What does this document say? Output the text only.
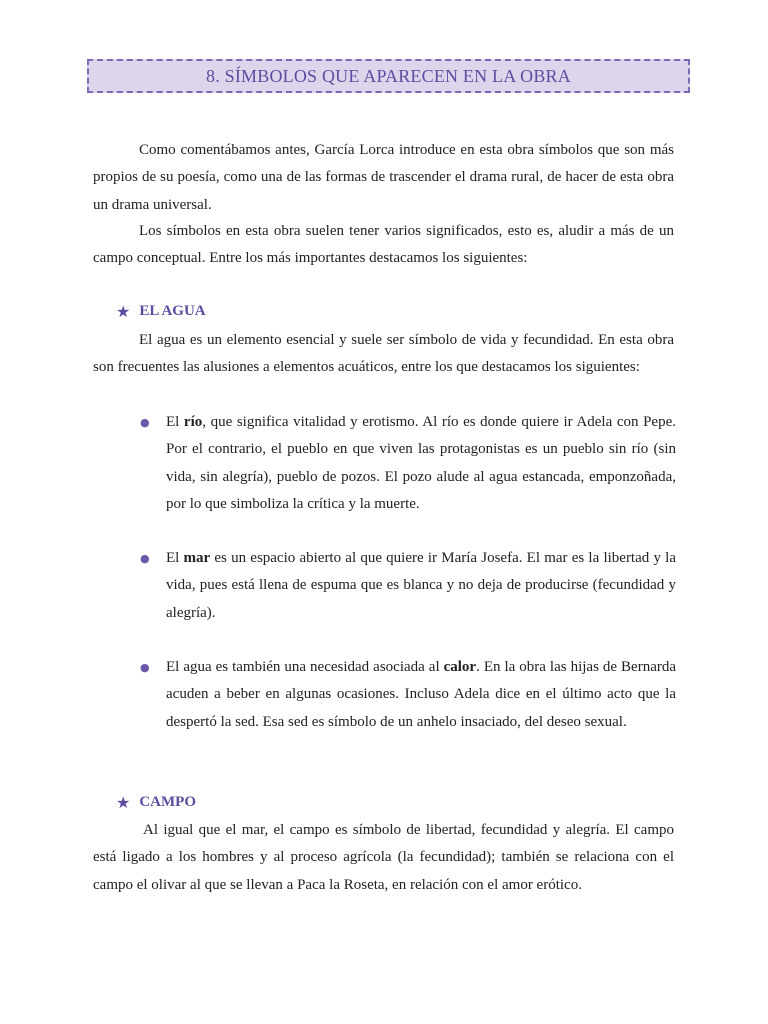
8. SÍMBOLOS QUE APARECEN EN LA OBRA
Como comentábamos antes, García Lorca introduce en esta obra símbolos que son más propios de su poesía, como una de las formas de trascender el drama rural, de hacer de esta obra un drama universal.
Los símbolos en esta obra suelen tener varios significados, esto es, aludir a más de un campo conceptual. Entre los más importantes destacamos los siguientes:
★ EL AGUA
El agua es un elemento esencial y suele ser símbolo de vida y fecundidad. En esta obra son frecuentes las alusiones a elementos acuáticos, entre los que destacamos los siguientes:
● El río, que significa vitalidad y erotismo. Al río es donde quiere ir Adela con Pepe. Por el contrario, el pueblo en que viven las protagonistas es un pueblo sin río (sin vida, sin alegría), pueblo de pozos. El pozo alude al agua estancada, emponzoñada, por lo que simboliza la crítica y la muerte.
● El mar es un espacio abierto al que quiere ir María Josefa. El mar es la libertad y la vida, pues está llena de espuma que es blanca y no deja de producirse (fecundidad y alegría).
● El agua es también una necesidad asociada al calor. En la obra las hijas de Bernarda acuden a beber en algunas ocasiones. Incluso Adela dice en el último acto que la despertó la sed. Esa sed es símbolo de un anhelo insaciado, del deseo sexual.
★ CAMPO
Al igual que el mar, el campo es símbolo de libertad, fecundidad y alegría. El campo está ligado a los hombres y al proceso agrícola (la fecundidad); también se relaciona con el campo el olivar al que se llevan a Paca la Roseta, en relación con el amor erótico.
